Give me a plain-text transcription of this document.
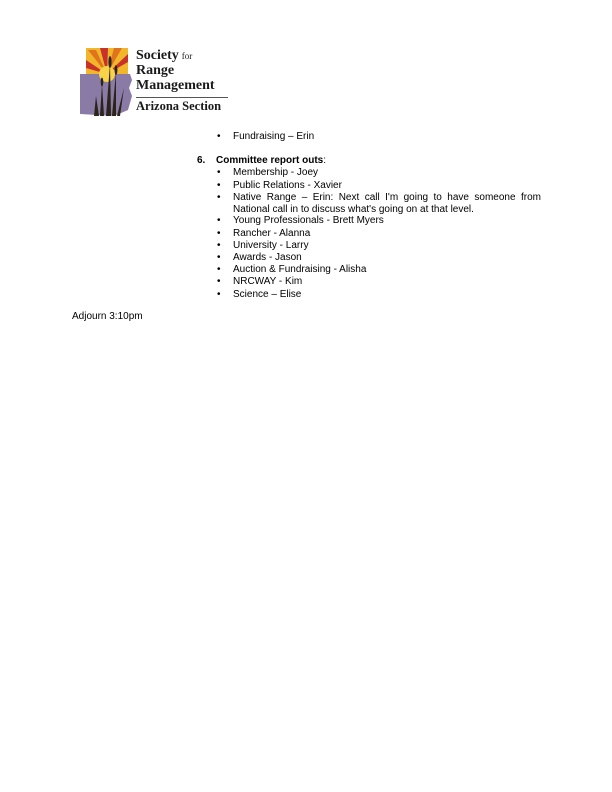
Society for
Range
Management
Arizona Section
• Fundraising – Erin
6. Committee report outs:
• Membership - Joey
• Public Relations - Xavier
• Native Range – Erin: Next call I'm going to have someone from National call in to discuss what's going on at that level.
• Young Professionals - Brett Myers
• Rancher - Alanna
• University - Larry
• Awards - Jason
• Auction & Fundraising - Alisha
• NRCWAY - Kim
• Science – Elise
Adjourn 3:10pm
